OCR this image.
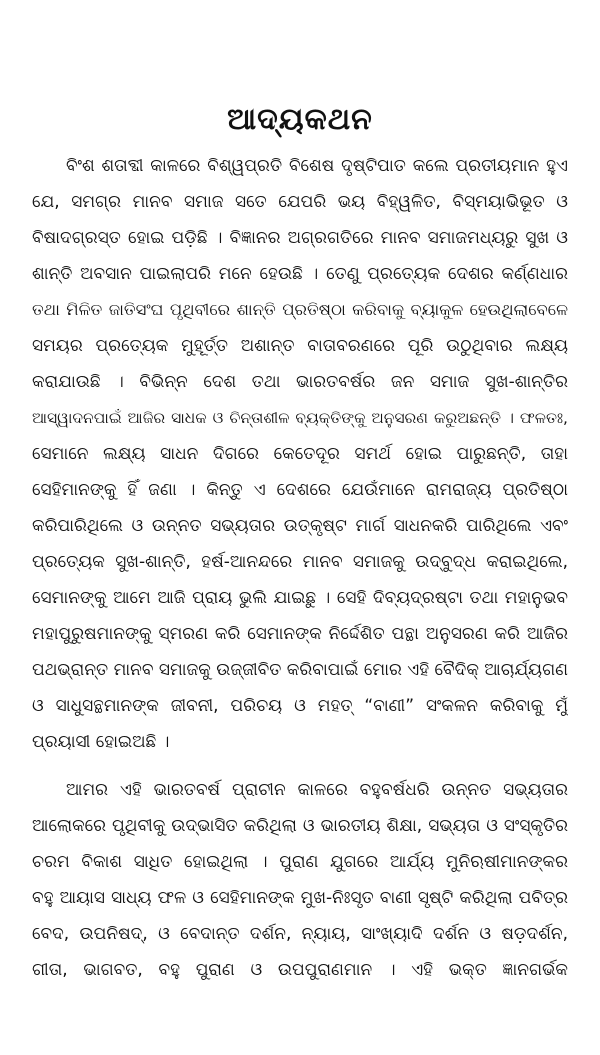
ଆଦ୍ୟକଥନ
ବିଂଶ ଶତାବ୍ଦୀ କାଳରେ ବିଶ୍ୱପ୍ରତି ବିଶେଷ ଦୃଷ୍ଟିପାତ କଲେ ପ୍ରତୀୟମାନ ହୁଏ
ଯେ, ସମଗ୍ର ମାନବ ସମାଜ ସତେ ଯେପରି ଭୟ ବିହ୍ୱଳିତ, ବିସ୍ମୟାଭିଭୂତ ଓ
ବିଷାଦଗ୍ରସ୍ତ ହୋଇ ପଡ଼ିଛି । ବିଜ୍ଞାନର ଅଗ୍ରଗତିରେ ମାନବ ସମାଜମଧ୍ୟରୁ ସୁଖ ଓ
ଶାନ୍ତି ଅବସାନ ପାଇଲାପରି ମନେ ହେଉଛି । ତେଣୁ ପ୍ରତ୍ୟେକ ଦେଶର କର୍ଣ୍ଣଧାର
ତଥା ମିଳିତ ଜାତିସଂଘ ପୃଥିବୀରେ ଶାନ୍ତି ପ୍ରତିଷ୍ଠା କରିବାକୁ ବ୍ୟାକୁଳ ହେଉଥିଲାବେଳେ
ସମୟର ପ୍ରତ୍ୟେକ ମୁହୂର୍ତ୍ତ ଅଶାନ୍ତ ବାତାବରଣରେ ପୂରି ଉଠୁଥିବାର ଲକ୍ଷ୍ୟ
କରାଯାଉଛି । ବିଭିନ୍ନ ଦେଶ ତଥା ଭାରତବର୍ଷର ଜନ ସମାଜ ସୁଖ-ଶାନ୍ତିର
ଆସ୍ୱାଦନପାଇଁ ଆଜିର ସାଧକ ଓ ଚିନ୍ତାଶୀଳ ବ୍ୟକ୍ତିଙ୍କୁ ଅନୁସରଣ କରୁଅଛନ୍ତି । ଫଳତଃ,
ସେମାନେ ଲକ୍ଷ୍ୟ ସାଧନ ଦିଗରେ କେତେଦୂର ସମର୍ଥ ହୋଇ ପାରୁଛନ୍ତି, ତାହା
ସେହିମାନଙ୍କୁ ହିଁ ଜଣା । କିନ୍ତୁ ଏ ଦେଶରେ ଯେଉଁମାନେ ରାମରାଜ୍ୟ ପ୍ରତିଷ୍ଠା
କରିପାରିଥିଲେ ଓ ଉନ୍ନତ ସଭ୍ୟତାର ଉତ୍କୃଷ୍ଟ ମାର୍ଗ ସାଧନକରି ପାରିଥିଲେ ଏବଂ
ପ୍ରତ୍ୟେକ ସୁଖ-ଶାନ୍ତି, ହର୍ଷ-ଆନନ୍ଦରେ ମାନବ ସମାଜକୁ ଉଦ୍‌ବୁଦ୍ଧ କରାଇଥିଲେ,
ସେମାନଙ୍କୁ ଆମେ ଆଜି ପ୍ରାୟ ଭୁଲି ଯାଇଛୁ । ସେହି ଦିବ୍ୟଦ୍ରଷ୍ଟା ତଥା ମହାନୁଭବ
ମହାପୁରୁଷମାନଙ୍କୁ ସ୍ମରଣ କରି ସେମାନଙ୍କ ନିର୍ଦ୍ଦେଶିତ ପନ୍ଥା ଅନୁସରଣ କରି ଆଜିର
ପଥଭ୍ରାନ୍ତ ମାନବ ସମାଜକୁ ଉଜ୍ଜୀବିତ କରିବାପାଇଁ ମୋର ଏହି ବୈଦିକ୍ ଆଚାର୍ଯ୍ୟଗଣ
ଓ ସାଧୁସନ୍ଥମାନଙ୍କ ଜୀବନୀ, ପରିଚୟ ଓ ମହତ୍ “ବାଣୀ” ସଂକଳନ କରିବାକୁ ମୁଁ
ପ୍ରୟାସୀ ହୋଇଅଛି ।
ଆମର ଏହି ଭାରତବର୍ଷ ପ୍ରାଚୀନ କାଳରେ ବହୁବର୍ଷଧରି ଉନ୍ନତ ସଭ୍ୟତାର
ଆଲୋକରେ ପୃଥିବୀକୁ ଉଦ୍ଭାସିତ କରିଥିଲା ଓ ଭାରତୀୟ ଶିକ୍ଷା, ସଭ୍ୟତା ଓ ସଂସ୍କୃତିର
ଚରମ ବିକାଶ ସାଧିତ ହୋଇଥିଲା । ପୁରାଣ ଯୁଗରେ ଆର୍ଯ୍ୟ ମୁନିଋଷୀମାନଙ୍କର
ବହୁ ଆୟାସ ସାଧ୍ୟ ଫଳ ଓ ସେହିମାନଙ୍କ ମୁଖ-ନିଃସୃତ ବାଣୀ ସୃଷ୍ଟି କରିଥିଲା ପବିତ୍ର
ବେଦ, ଉପନିଷଦ୍, ଓ ବେଦାନ୍ତ ଦର୍ଶନ, ନ୍ୟାୟ, ସାଂଖ୍ୟାଦି ଦର୍ଶନ ଓ ଷଡ଼ଦର୍ଶନ,
ଗୀତା, ଭାଗବତ, ବହୁ ପୁରାଣ ଓ ଉପପୁରାଣମାନ । ଏହି ଭକ୍ତ ଜ୍ଞାନଗର୍ଭକ
